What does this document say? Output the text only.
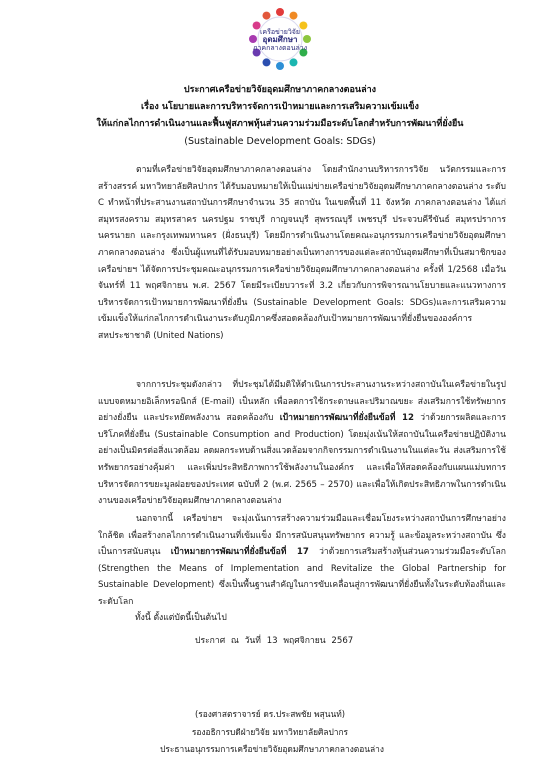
เครือข่ายวิจัย
อุดมศึกษา
ภาคกลางตอนล่าง
ประกาศเครือข่ายวิจัยอุดมศึกษาภาคกลางตอนล่าง
เรื่อง นโยบายและการบริหารจัดการเป้าหมายและการเสริมความเข้มแข็ง
ให้แก่กลไกการดำเนินงานและฟื้นฟูสภาพหุ้นส่วนความร่วมมือระดับโลกสำหรับการพัฒนาที่ยั่งยืน
(Sustainable Development Goals: SDGs)
ตามที่เครือข่ายวิจัยอุดมศึกษาภาคกลางตอนล่าง โดยสำนักงานบริหารการวิจัย นวัตกรรมและการสร้างสรรค์ มหาวิทยาลัยศิลปากร ได้รับมอบหมายให้เป็นแม่ข่ายเครือข่ายวิจัยอุดมศึกษาภาคกลางตอนล่าง ระดับ C ทำหน้าที่ประสานงานสถาบันการศึกษาจำนวน 35 สถาบัน ในเขตพื้นที่ 11 จังหวัด ภาคกลางตอนล่าง ได้แก่ สมุทรสงคราม สมุทรสาคร นครปฐม ราชบุรี กาญจนบุรี สุพรรณบุรี เพชรบุรี ประจวบคีรีขันธ์ สมุทรปราการ นครนายก และกรุงเทพมหานคร (ฝั่งธนบุรี) โดยมีการดำเนินงานโดยคณะอนุกรรมการเครือข่ายวิจัยอุดมศึกษาภาคกลางตอนล่าง ซึ่งเป็นผู้แทนที่ได้รับมอบหมายอย่างเป็นทางการของแต่ละสถาบันอุดมศึกษาที่เป็นสมาชิกของเครือข่ายฯ ได้จัดการประชุมคณะอนุกรรมการเครือข่ายวิจัยอุดมศึกษาภาคกลางตอนล่าง ครั้งที่ 1/2568 เมื่อวันจันทร์ที่ 11 พฤศจิกายน พ.ศ. 2567 โดยมีระเบียบวาระที่ 3.2 เกี่ยวกับการพิจารณานโยบายและแนวทางการบริหารจัดการเป้าหมายการพัฒนาที่ยั่งยืน (Sustainable Development Goals: SDGs)และการเสริมความเข้มแข็งให้แก่กลไกการดำเนินงานระดับภูมิภาคซึ่งสอดคล้องกับเป้าหมายการพัฒนาที่ยั่งยืนขององค์การสหประชาชาติ (United Nations)
จากการประชุมดังกล่าว ที่ประชุมได้มีมติให้ดำเนินการประสานงานระหว่างสถาบันในเครือข่ายในรูปแบบจดหมายอิเล็กทรอนิกส์ (E-mail) เป็นหลัก เพื่อลดการใช้กระดาษและปริมาณขยะ ส่งเสริมการใช้ทรัพยากรอย่างยั่งยืน และประหยัดพลังงาน สอดคล้องกับ เป้าหมายการพัฒนาที่ยั่งยืนข้อที่ 12 ว่าด้วยการผลิตและการบริโภคที่ยั่งยืน (Sustainable Consumption and Production) โดยมุ่งเน้นให้สถาบันในเครือข่ายปฏิบัติงานอย่างเป็นมิตรต่อสิ่งแวดล้อม ลดผลกระทบด้านสิ่งแวดล้อมจากกิจกรรมการดำเนินงานในแต่ละวัน ส่งเสริมการใช้ทรัพยากรอย่างคุ้มค่า และเพิ่มประสิทธิภาพการใช้พลังงานในองค์กร และเพื่อให้สอดคล้องกับแผนแม่บทการบริหารจัดการขยะมูลฝอยของประเทศ ฉบับที่ 2 (พ.ศ. 2565 – 2570) และเพื่อให้เกิดประสิทธิภาพในการดำเนินงานของเครือข่ายวิจัยอุดมศึกษาภาคกลางตอนล่าง
นอกจากนี้ เครือข่ายฯ จะมุ่งเน้นการสร้างความร่วมมือและเชื่อมโยงระหว่างสถาบันการศึกษาอย่างใกล้ชิด เพื่อสร้างกลไกการดำเนินงานที่เข้มแข็ง มีการสนับสนุนทรัพยากร ความรู้ และข้อมูลระหว่างสถาบัน ซึ่งเป็นการสนับสนุน เป้าหมายการพัฒนาที่ยั่งยืนข้อที่ 17 ว่าด้วยการเสริมสร้างหุ้นส่วนความร่วมมือระดับโลก (Strengthen the Means of Implementation and Revitalize the Global Partnership for Sustainable Development) ซึ่งเป็นพื้นฐานสำคัญในการขับเคลื่อนสู่การพัฒนาที่ยั่งยืนทั้งในระดับท้องถิ่นและระดับโลก
ทั้งนี้ ตั้งแต่บัดนี้เป็นต้นไป
ประกาศ ณ วันที่ 13 พฤศจิกายน 2567
(รองศาสตราจารย์ ดร.ประสพชัย พสุนนท์)
รองอธิการบดีฝ่ายวิจัย มหาวิทยาลัยศิลปากร
ประธานอนุกรรมการเครือข่ายวิจัยอุดมศึกษาภาคกลางตอนล่าง
